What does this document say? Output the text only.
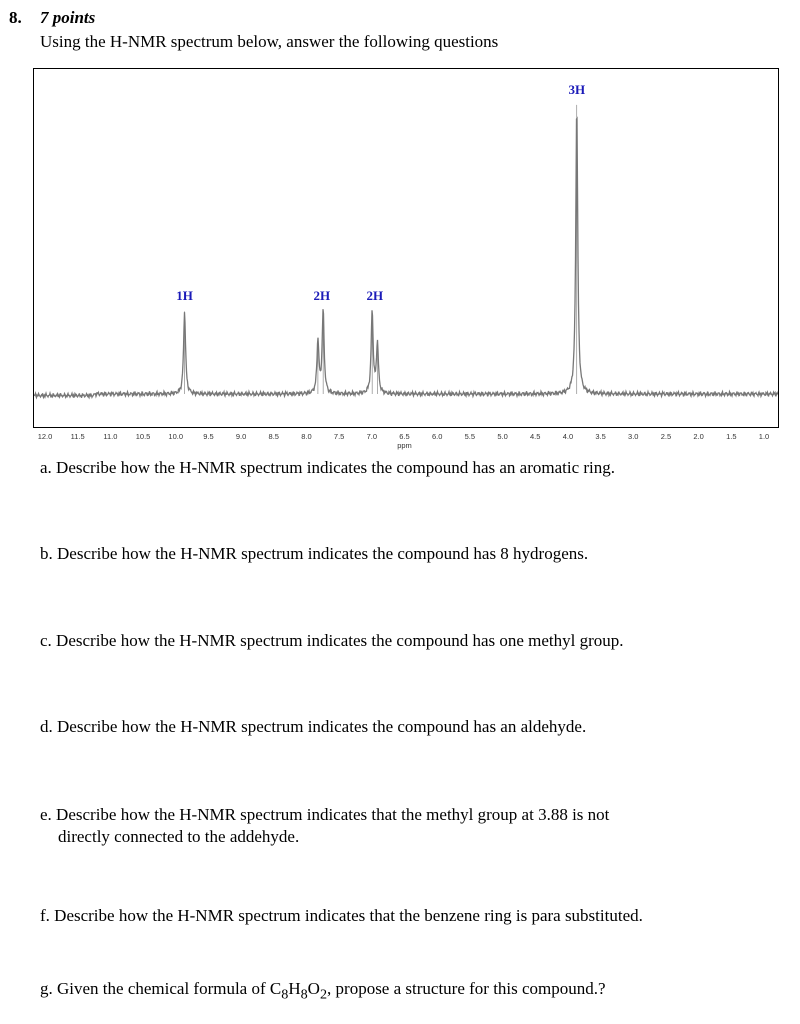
8. 7 points
Using the H-NMR spectrum below, answer the following questions
1H	2H	2H
3H
ppm
12.0 11.5 11.0 10.5 10.0	9.5	9.0	8.5	8.0	7.5	7.0	6.5	6.0	5.5	5.0	4.5	4.0	3.5	3.0	2.5	2.0	1.5	1.0
a. Describe how the H-NMR spectrum indicates the compound has an aromatic ring.
b. Describe how the H-NMR spectrum indicates the compound has 8 hydrogens.
c. Describe how the H-NMR spectrum indicates the compound has one methyl group.
d. Describe how the H-NMR spectrum indicates the compound has an aldehyde.
e. Describe how the H-NMR spectrum indicates that the methyl group at 3.88 is not
directly connected to the addehyde.
f. Describe how the H-NMR spectrum indicates that the benzene ring is para substituted.
g. Given the chemical formula of $C_8H_8O_2$, propose a structure for this compound.?
